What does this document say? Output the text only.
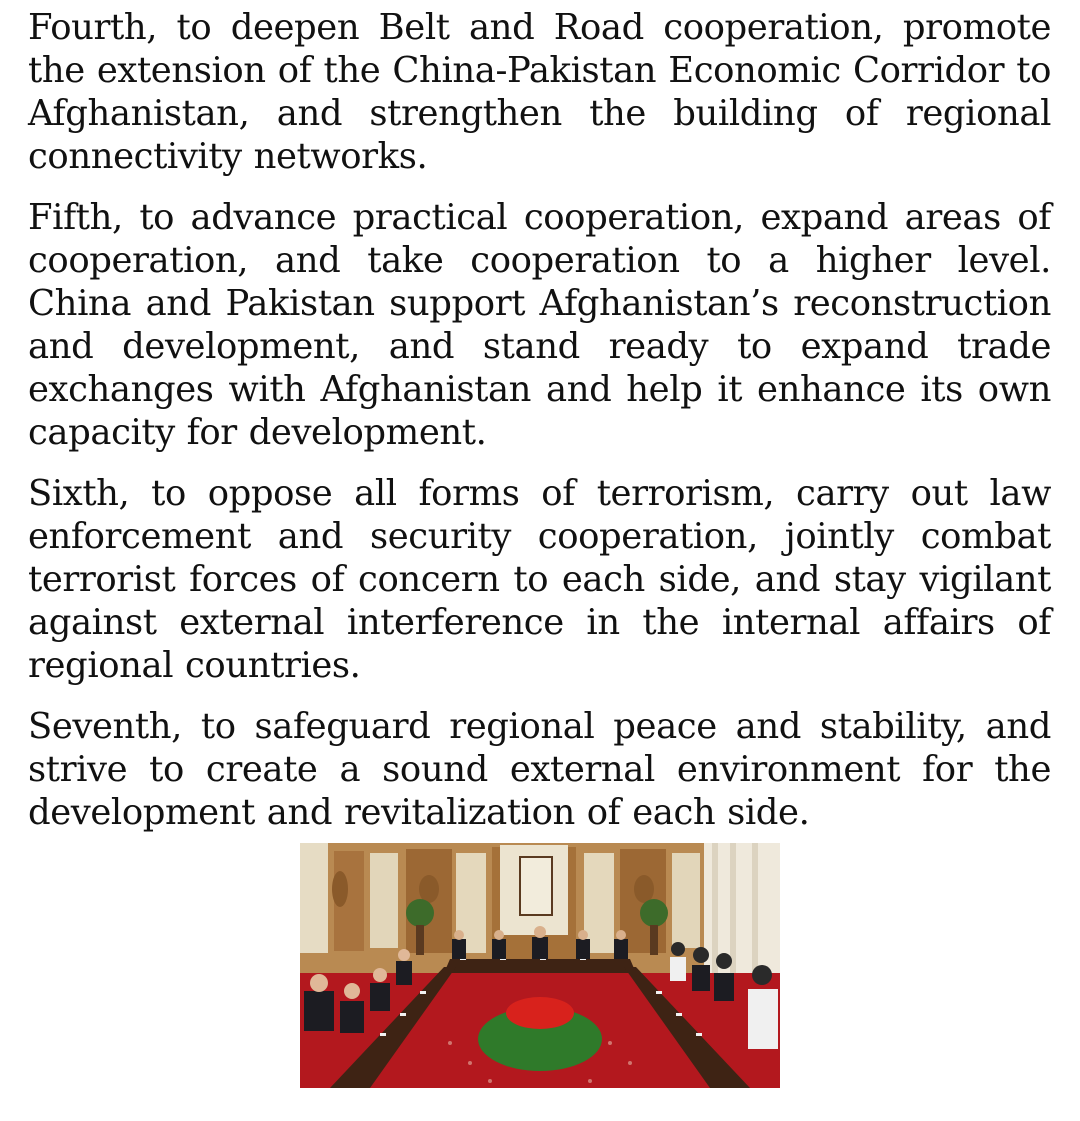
Fourth, to deepen Belt and Road cooperation, promote the extension of the China-Pakistan Economic Corridor to Afghanistan, and strengthen the building of regional connectivity networks.

Fifth, to advance practical cooperation, expand areas of cooperation, and take cooperation to a higher level. China and Pakistan support Afghanistan’s reconstruction and development, and stand ready to expand trade exchanges with Afghanistan and help it enhance its own capacity for development.

Sixth, to oppose all forms of terrorism, carry out law enforcement and security cooperation, jointly combat terrorist forces of concern to each side, and stay vigilant against external interference in the internal affairs of regional countries.

Seventh, to safeguard regional peace and stability, and strive to create a sound external environment for the development and revitalization of each side.
